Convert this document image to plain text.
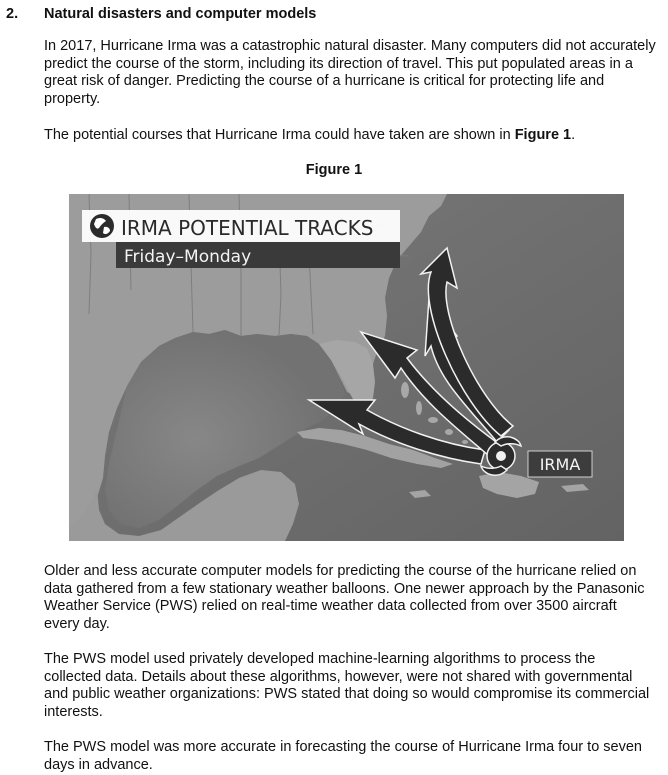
2. Natural disasters and computer models

In 2017, Hurricane Irma was a catastrophic natural disaster. Many computers did not accurately predict the course of the storm, including its direction of travel. This put populated areas in a great risk of danger. Predicting the course of a hurricane is critical for protecting life and property.

The potential courses that Hurricane Irma could have taken are shown in Figure 1.

Figure 1
IRMA
IRMA POTENTIAL TRACKS
Friday–Monday

Older and less accurate computer models for predicting the course of the hurricane relied on data gathered from a few stationary weather balloons. One newer approach by the Panasonic Weather Service (PWS) relied on real-time weather data collected from over 3500 aircraft every day.

The PWS model used privately developed machine-learning algorithms to process the collected data. Details about these algorithms, however, were not shared with governmental and public weather organizations: PWS stated that doing so would compromise its commercial interests.

The PWS model was more accurate in forecasting the course of Hurricane Irma four to seven days in advance.
